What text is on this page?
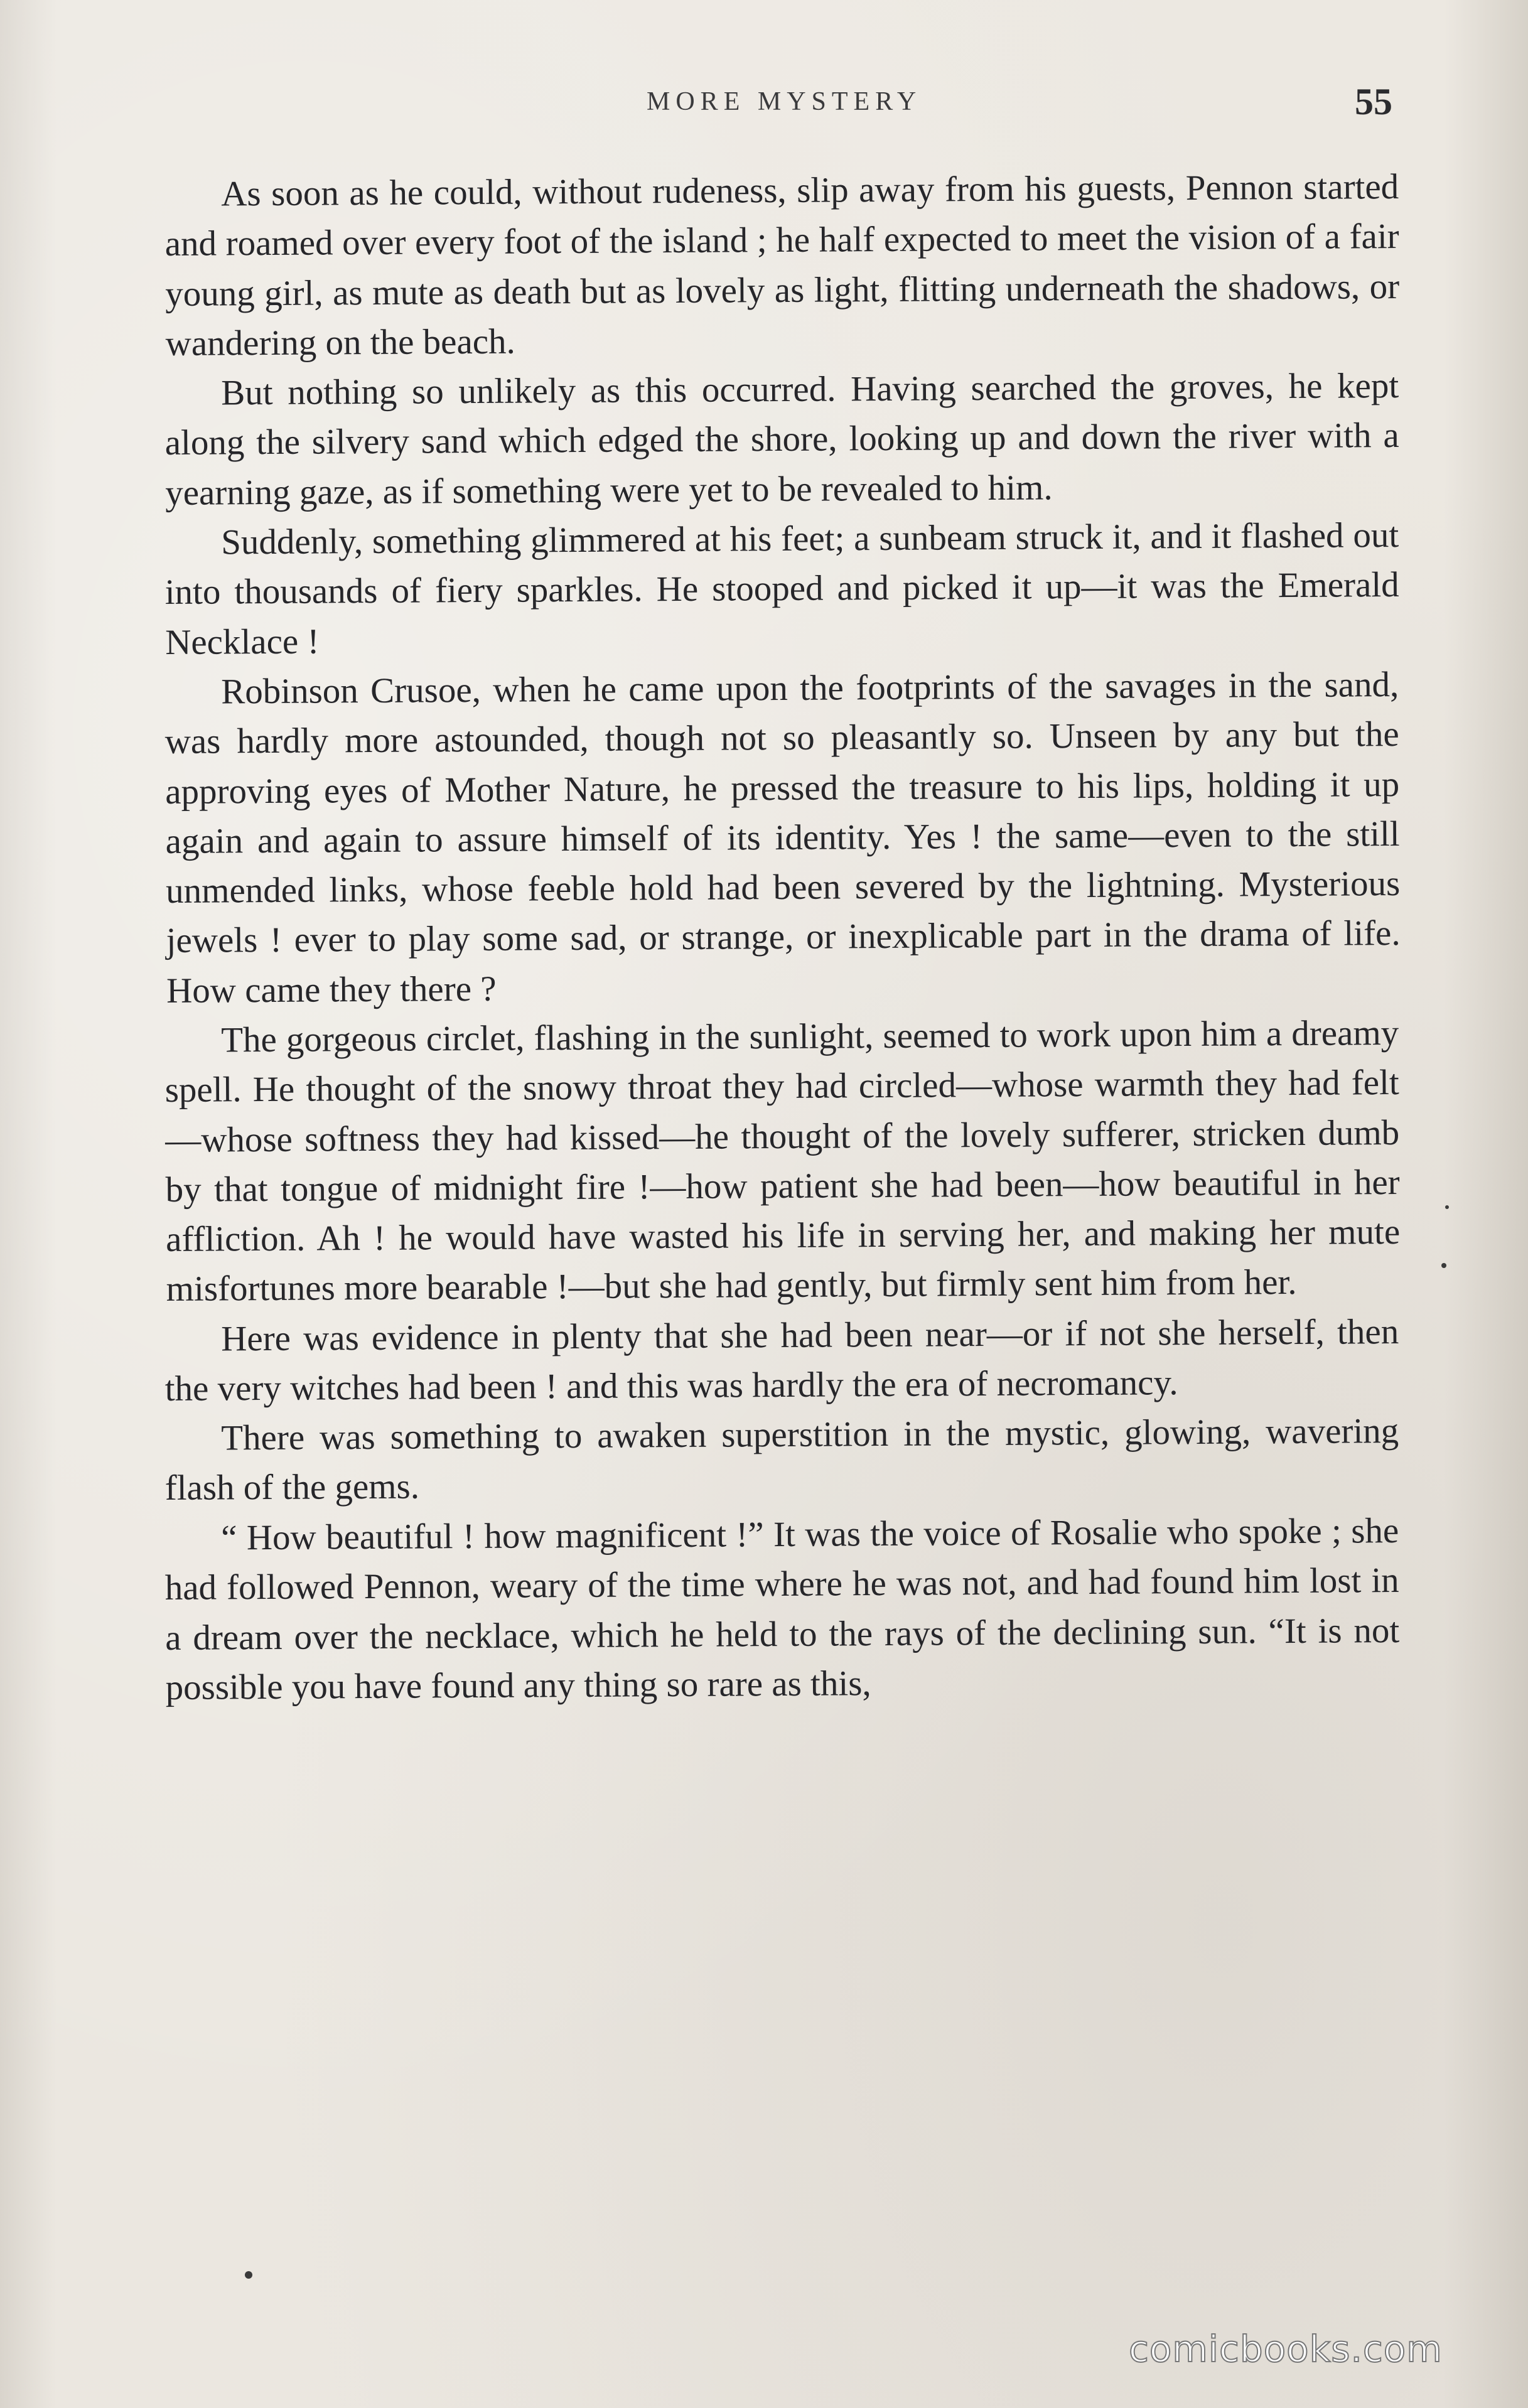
MORE MYSTERY	55

As soon as he could, without rudeness, slip away from his guests, Pennon started and roamed over every foot of the island ; he half expected to meet the vision of a fair young girl, as mute as death but as lovely as light, flitting underneath the shadows, or wandering on the beach.

But nothing so unlikely as this occurred. Having searched the groves, he kept along the silvery sand which edged the shore, looking up and down the river with a yearning gaze, as if something were yet to be revealed to him.

Suddenly, something glimmered at his feet; a sunbeam struck it, and it flashed out into thousands of fiery sparkles. He stooped and picked it up—it was the Emerald Necklace !

Robinson Crusoe, when he came upon the footprints of the savages in the sand, was hardly more astounded, though not so pleasantly so. Unseen by any but the approving eyes of Mother Nature, he pressed the treasure to his lips, holding it up again and again to assure himself of its identity. Yes ! the same—even to the still unmended links, whose feeble hold had been severed by the lightning. Mysterious jewels ! ever to play some sad, or strange, or inexplicable part in the drama of life. How came they there ?

The gorgeous circlet, flashing in the sunlight, seemed to work upon him a dreamy spell. He thought of the snowy throat they had circled—whose warmth they had felt—whose softness they had kissed—he thought of the lovely sufferer, stricken dumb by that tongue of midnight fire !—how patient she had been—how beautiful in her affliction. Ah ! he would have wasted his life in serving her, and making her mute misfortunes more bearable !—but she had gently, but firmly sent him from her.

Here was evidence in plenty that she had been near—or if not she herself, then the very witches had been ! and this was hardly the era of necromancy.

There was something to awaken superstition in the mystic, glowing, wavering flash of the gems.

“ How beautiful ! how magnificent !” It was the voice of Rosalie who spoke ; she had followed Pennon, weary of the time where he was not, and had found him lost in a dream over the necklace, which he held to the rays of the declining sun. “It is not possible you have found any thing so rare as this,

comicbooks.com
